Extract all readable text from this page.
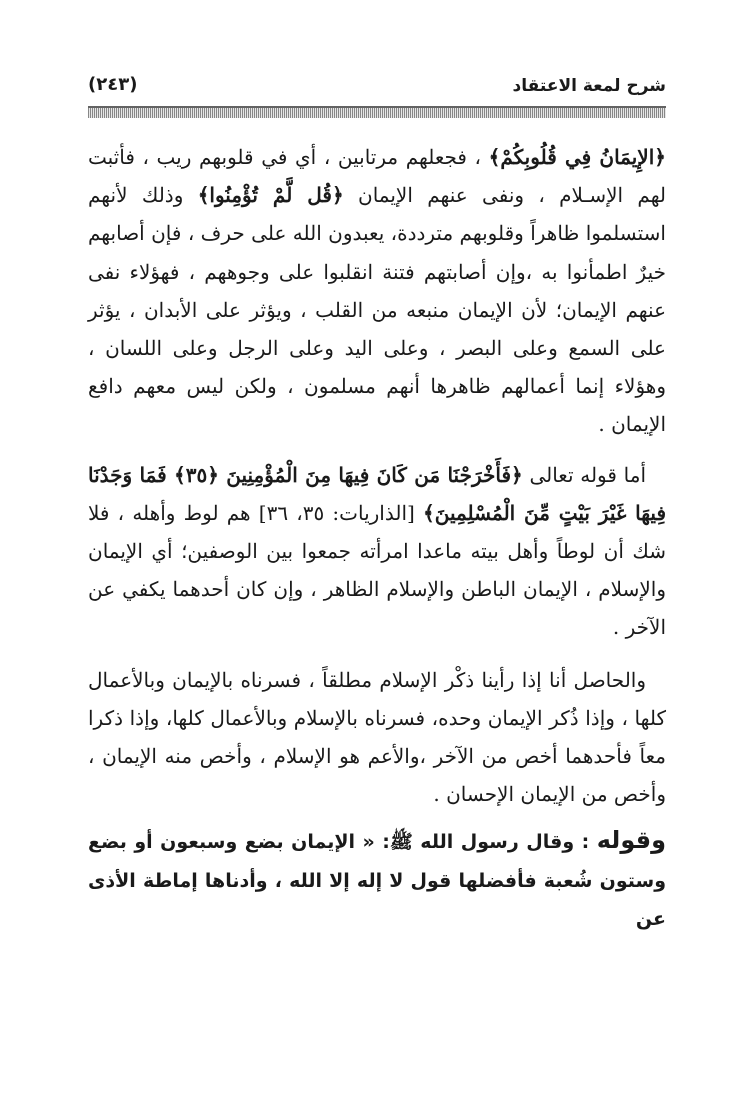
شرح لمعة الاعتقاد
(٢٤٣)

﴿الإِيمَانُ فِي قُلُوبِكُمْ﴾ ، فجعلهم مرتابين ، أي في قلوبهم ريب ، فأثبت لهم الإسـلام ، ونفى عنهم الإيمان ﴿قُل لَّمْ تُؤْمِنُوا﴾ وذلك لأنهم استسلموا ظاهراً وقلوبهم مترددة، يعبدون الله على حرف ، فإن أصابهم خيرٌ اطمأنوا به ،وإن أصابتهم فتنة انقلبوا على وجوههم ، فهؤلاء نفى عنهم الإيمان؛ لأن الإيمان منبعه من القلب ، ويؤثر على الأبدان ، يؤثر على السمع وعلى البصر ، وعلى اليد وعلى الرجل وعلى اللسان ، وهؤلاء إنما أعمالهم ظاهرها أنهم مسلمون ، ولكن ليس معهم دافع الإيمان .

أما قوله تعالى ﴿فَأَخْرَجْنَا مَن كَانَ فِيهَا مِنَ الْمُؤْمِنِينَ ﴿٣٥﴾ فَمَا وَجَدْنَا فِيهَا غَيْرَ بَيْتٍ مِّنَ الْمُسْلِمِينَ﴾ [الذاريات: ٣٥، ٣٦] هم لوط وأهله ، فلا شك أن لوطاً وأهل بيته ماعدا امرأته جمعوا بين الوصفين؛ أي الإيمان والإسلام ، الإيمان الباطن والإسلام الظاهر ، وإن كان أحدهما يكفي عن الآخر .

والحاصل أنا إذا رأينا ذكْر الإسلام مطلقاً ، فسرناه بالإيمان وبالأعمال كلها ، وإذا ذُكر الإيمان وحده، فسرناه بالإسلام وبالأعمال كلها، وإذا ذكرا معاً فأحدهما أخص من الآخر ،والأعم هو الإسلام ، وأخص منه الإيمان ، وأخص من الإيمان الإحسان .

وقوله : وقال رسول الله ﷺ: « الإيمان بضع وسبعون أو بضع وستون شُعبة فأفضلها قول لا إله إلا الله ، وأدناها إماطة الأذى عن
